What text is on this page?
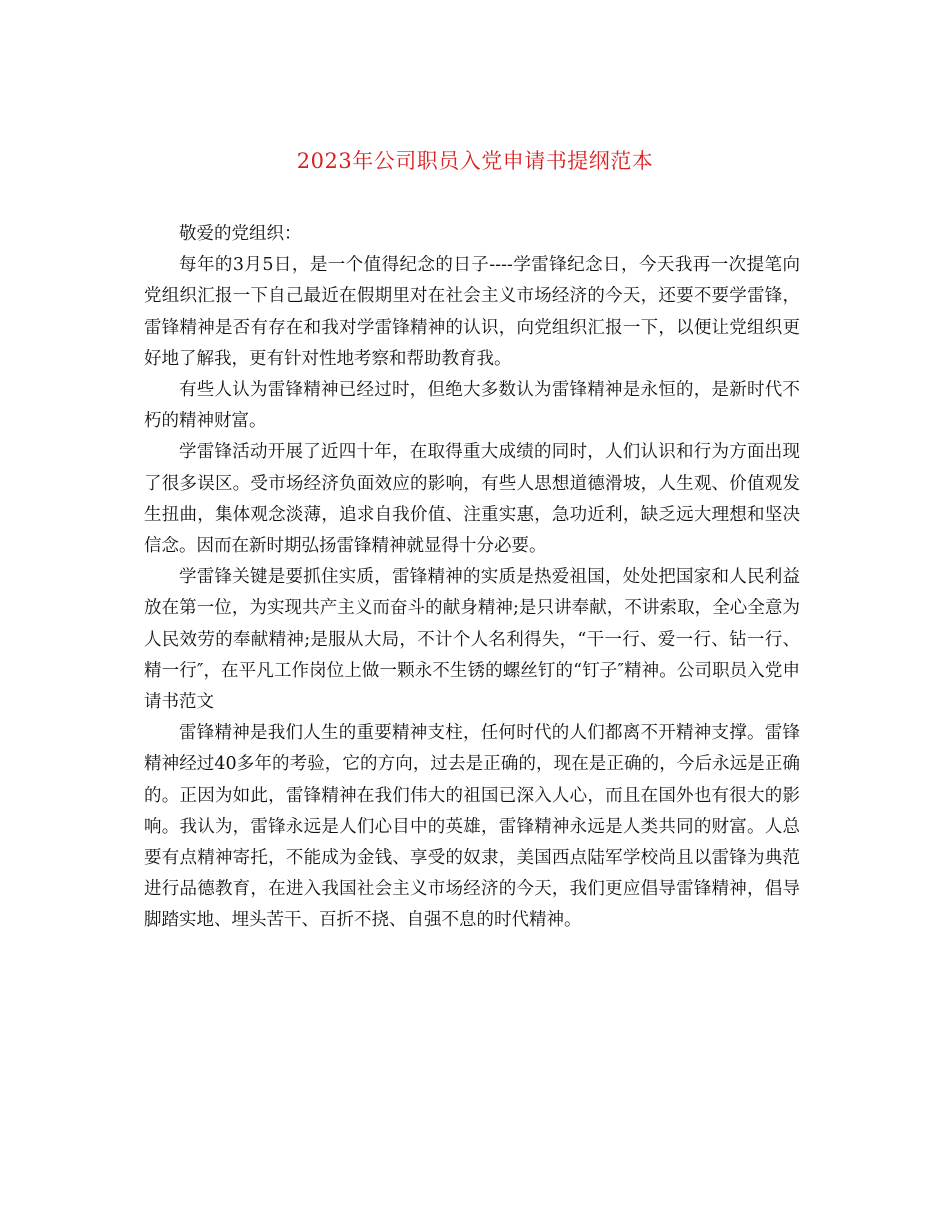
2023年公司职员入党申请书提纲范本

敬爱的党组织：

每年的3月5日，是一个值得纪念的日子----学雷锋纪念日，今天我再一次提笔向党组织汇报一下自己最近在假期里对在社会主义市场经济的今天，还要不要学雷锋，雷锋精神是否有存在和我对学雷锋精神的认识，向党组织汇报一下，以便让党组织更好地了解我，更有针对性地考察和帮助教育我。

有些人认为雷锋精神已经过时，但绝大多数认为雷锋精神是永恒的，是新时代不朽的精神财富。

学雷锋活动开展了近四十年，在取得重大成绩的同时，人们认识和行为方面出现了很多误区。受市场经济负面效应的影响，有些人思想道德滑坡，人生观、价值观发生扭曲，集体观念淡薄，追求自我价值、注重实惠，急功近利，缺乏远大理想和坚决信念。因而在新时期弘扬雷锋精神就显得十分必要。

学雷锋关键是要抓住实质，雷锋精神的实质是热爱祖国，处处把国家和人民利益放在第一位，为实现共产主义而奋斗的献身精神;是只讲奉献，不讲索取，全心全意为人民效劳的奉献精神;是服从大局，不计个人名利得失，“干一行、爱一行、钻一行、精一行″，在平凡工作岗位上做一颗永不生锈的螺丝钉的“钉子″精神。公司职员入党申请书范文

雷锋精神是我们人生的重要精神支柱，任何时代的人们都离不开精神支撑。雷锋精神经过40多年的考验，它的方向，过去是正确的，现在是正确的，今后永远是正确的。正因为如此，雷锋精神在我们伟大的祖国已深入人心，而且在国外也有很大的影响。我认为，雷锋永远是人们心目中的英雄，雷锋精神永远是人类共同的财富。人总要有点精神寄托，不能成为金钱、享受的奴隶，美国西点陆军学校尚且以雷锋为典范进行品德教育，在进入我国社会主义市场经济的今天，我们更应倡导雷锋精神，倡导脚踏实地、埋头苦干、百折不挠、自强不息的时代精神。
